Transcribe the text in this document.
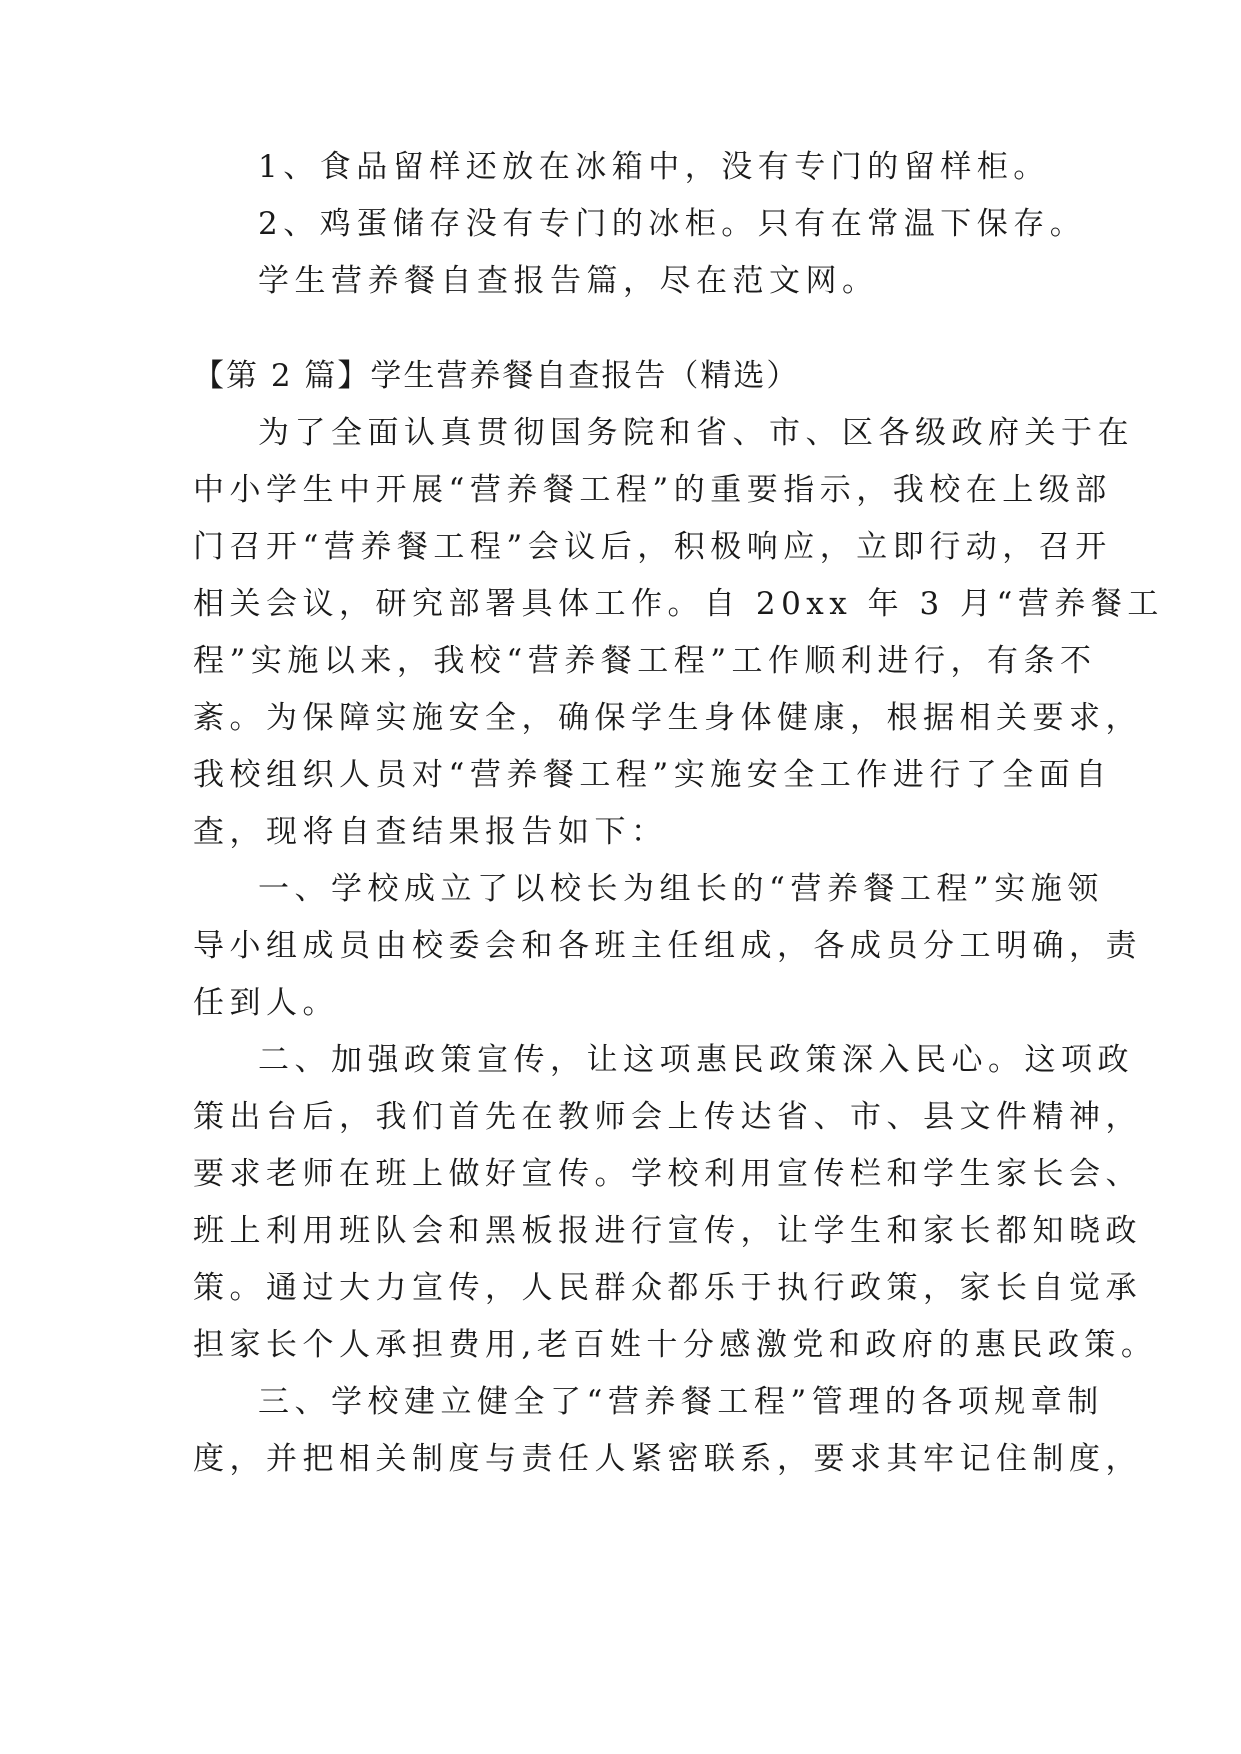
1、食品留样还放在冰箱中，没有专门的留样柜。
2、鸡蛋储存没有专门的冰柜。只有在常温下保存。
学生营养餐自查报告篇，尽在范文网。
【第 2 篇】学生营养餐自查报告（精选）
为了全面认真贯彻国务院和省、市、区各级政府关于在
中小学生中开展“营养餐工程”的重要指示，我校在上级部
门召开“营养餐工程”会议后，积极响应，立即行动，召开
相关会议，研究部署具体工作。自 20xx 年 3 月“营养餐工
程”实施以来，我校“营养餐工程”工作顺利进行，有条不
紊。为保障实施安全，确保学生身体健康，根据相关要求，
我校组织人员对“营养餐工程”实施安全工作进行了全面自
查，现将自查结果报告如下：
一、学校成立了以校长为组长的“营养餐工程”实施领
导小组成员由校委会和各班主任组成，各成员分工明确，责
任到人。
二、加强政策宣传，让这项惠民政策深入民心。这项政
策出台后，我们首先在教师会上传达省、市、县文件精神，
要求老师在班上做好宣传。学校利用宣传栏和学生家长会、
班上利用班队会和黑板报进行宣传，让学生和家长都知晓政
策。通过大力宣传，人民群众都乐于执行政策，家长自觉承
担家长个人承担费用,老百姓十分感激党和政府的惠民政策。
三、学校建立健全了“营养餐工程”管理的各项规章制
度，并把相关制度与责任人紧密联系，要求其牢记住制度，
